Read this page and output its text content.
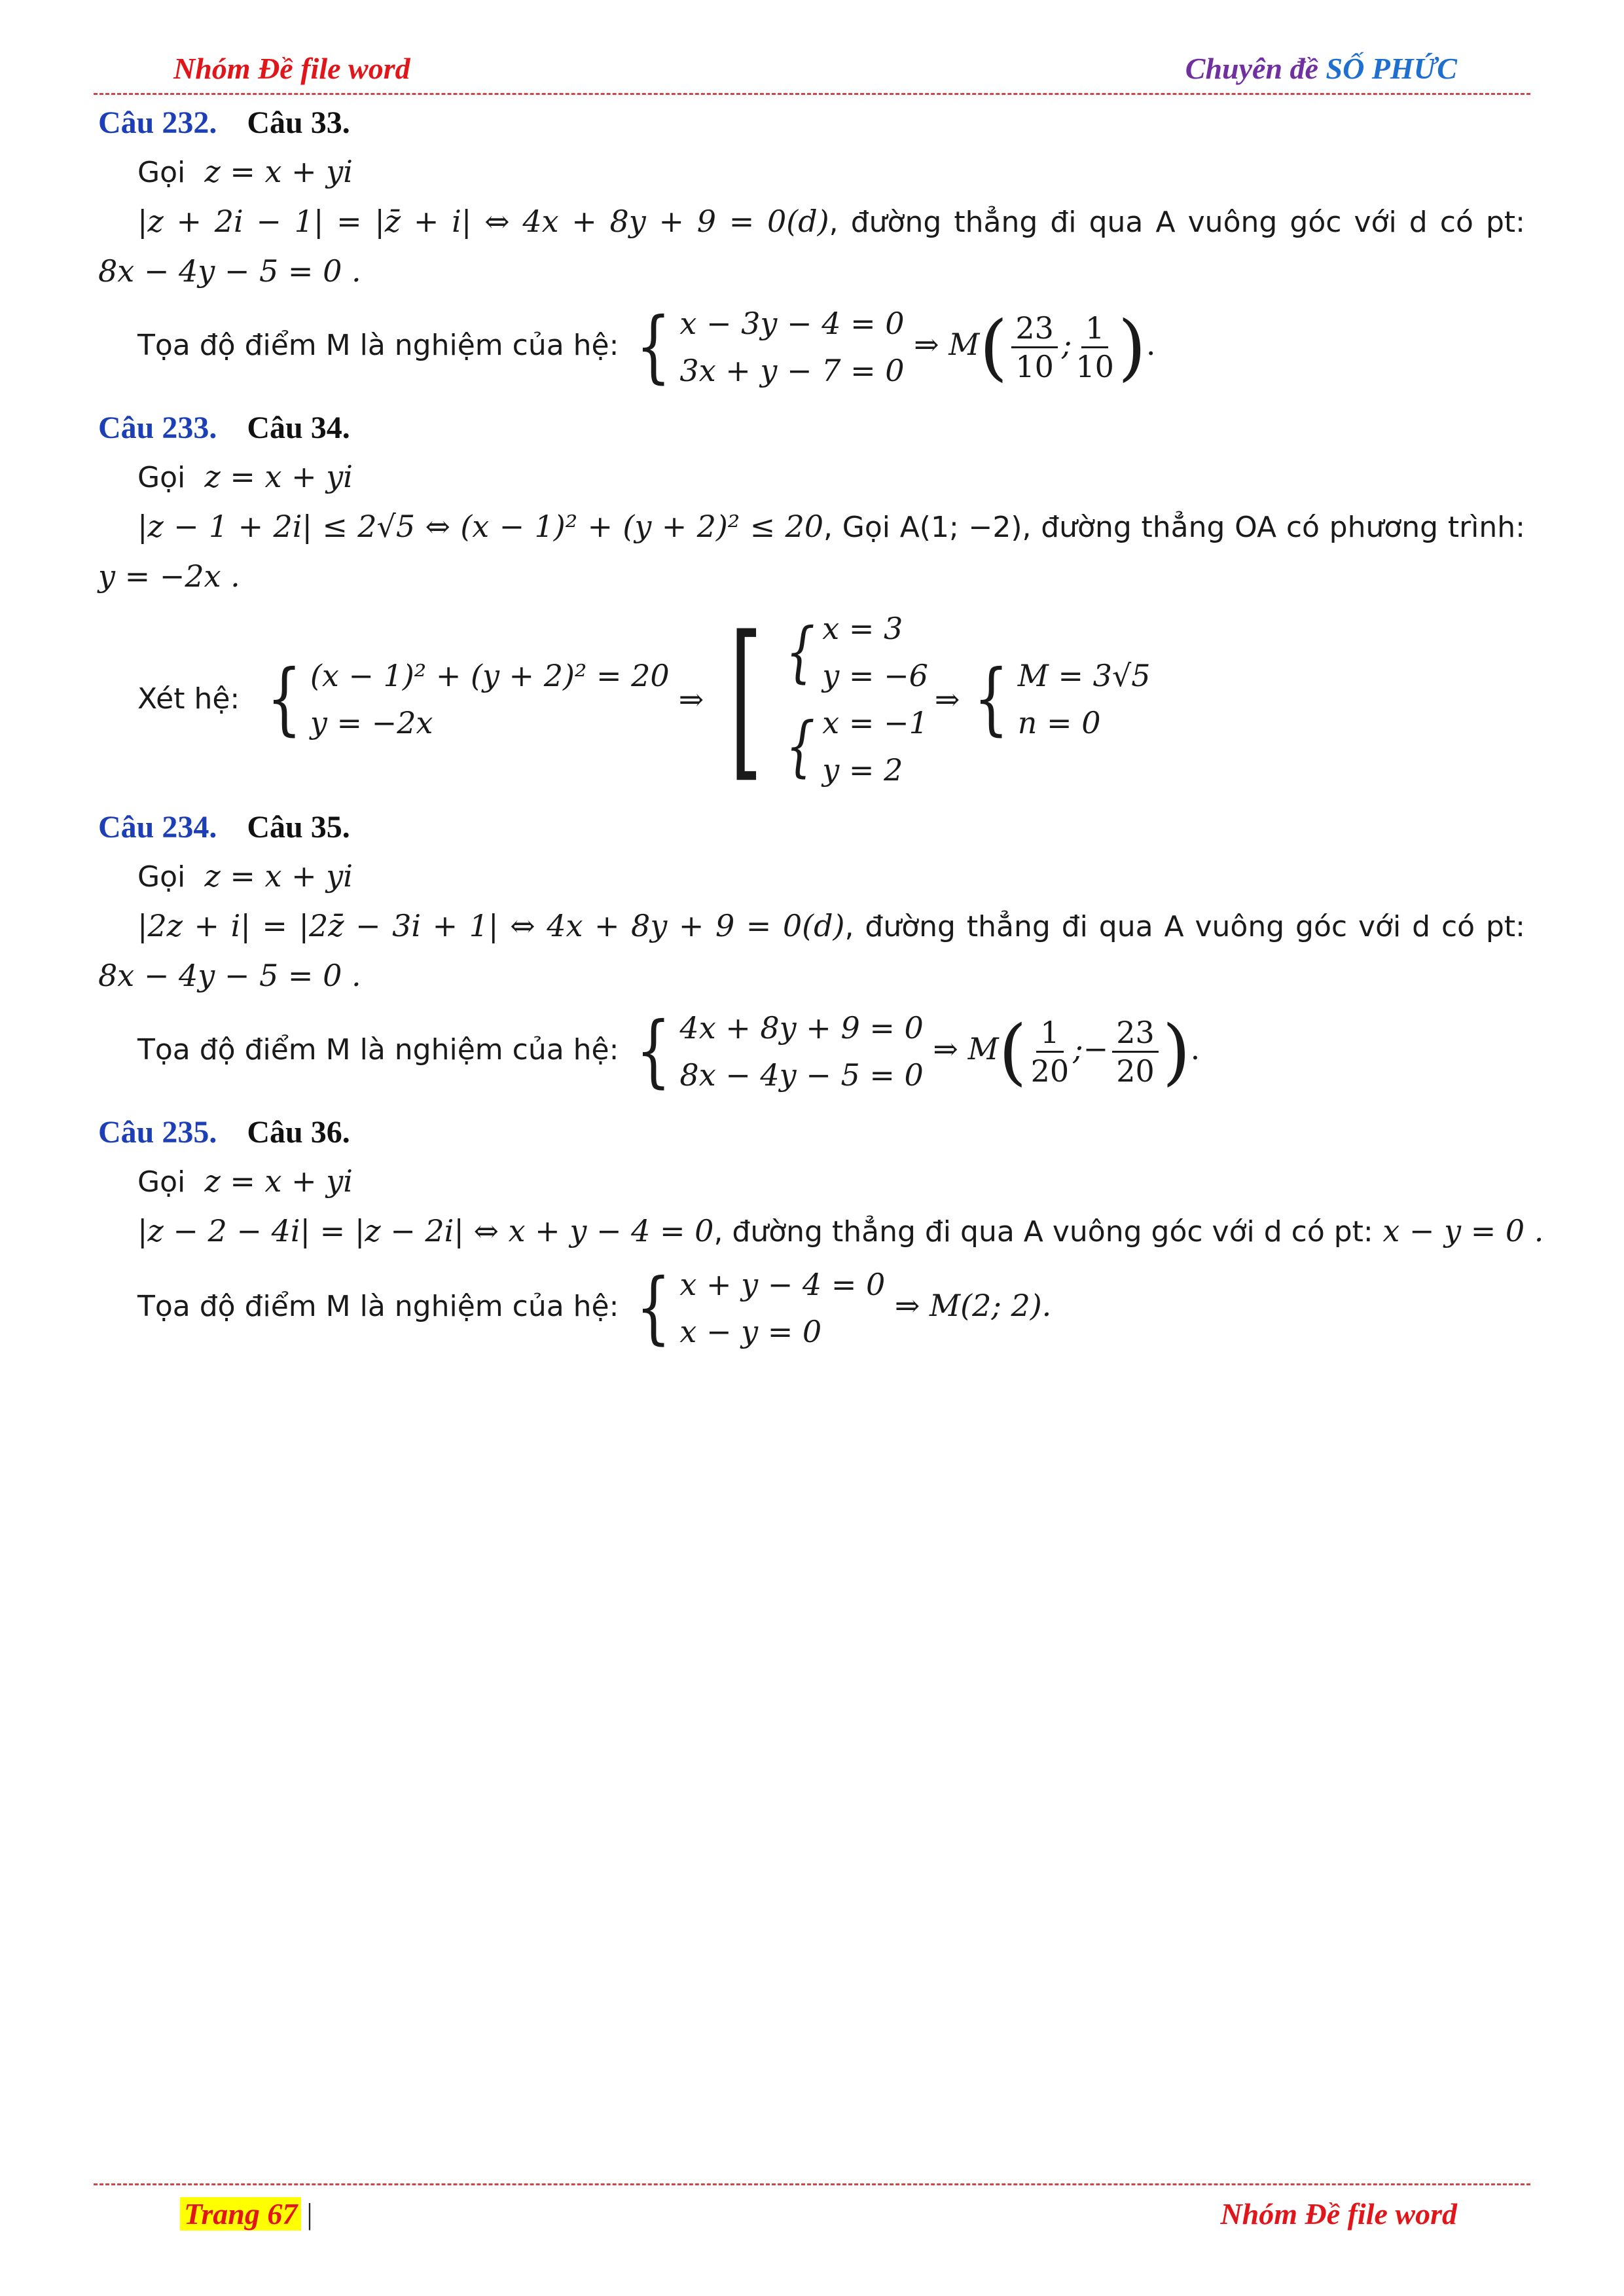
Nhóm Đề file word	Chuyên đề SỐ PHỨC
Câu 232. Câu 33.
Gọi z = x + yi
|z + 2i − 1| = |z̄ + i| ⇔ 4x + 8y + 9 = 0(d), đường thẳng đi qua A vuông góc với d có pt:
8x − 4y − 5 = 0 .
Tọa độ điểm M là nghiệm của hệ: { x − 3y − 4 = 0
3x + y − 7 = 0
⇒ $M( \frac{23}{10}$ ; $\frac{1}{10}$ ).
Câu 233. Câu 34.
Gọi z = x + yi
|z − 1 + 2i| ≤ 2√5 ⇔ (x − 1)² + (y + 2)² ≤ 20, Gọi A(1; −2), đường thẳng OA có phương trình:
y = −2x .
Xét hệ:
{ (x − 1)² + (y + 2)² = 20
y = −2x
⇒ [ { x = 3
y = −6
{ x = −1
y = 2
⇒ { M = 3√5
n = 0
Câu 234. Câu 35.
Gọi z = x + yi
|2z + i| = |2z̄ − 3i + 1| ⇔ 4x + 8y + 9 = 0(d), đường thẳng đi qua A vuông góc với d có pt:
8x − 4y − 5 = 0 .
Tọa độ điểm M là nghiệm của hệ: { 4x + 8y + 9 = 0
8x − 4y − 5 = 0
⇒ $M( \frac{1}{20}$ ;− $\frac{23}{20}$ ).
Câu 235. Câu 36.
Gọi z = x + yi
|z − 2 − 4i| = |z − 2i| ⇔ x + y − 4 = 0, đường thẳng đi qua A vuông góc với d có pt: x − y = 0 .
Tọa độ điểm M là nghiệm của hệ: { x + y − 4 = 0
x − y = 0
⇒ M(2; 2).
Trang 67 |	Nhóm Đề file word
